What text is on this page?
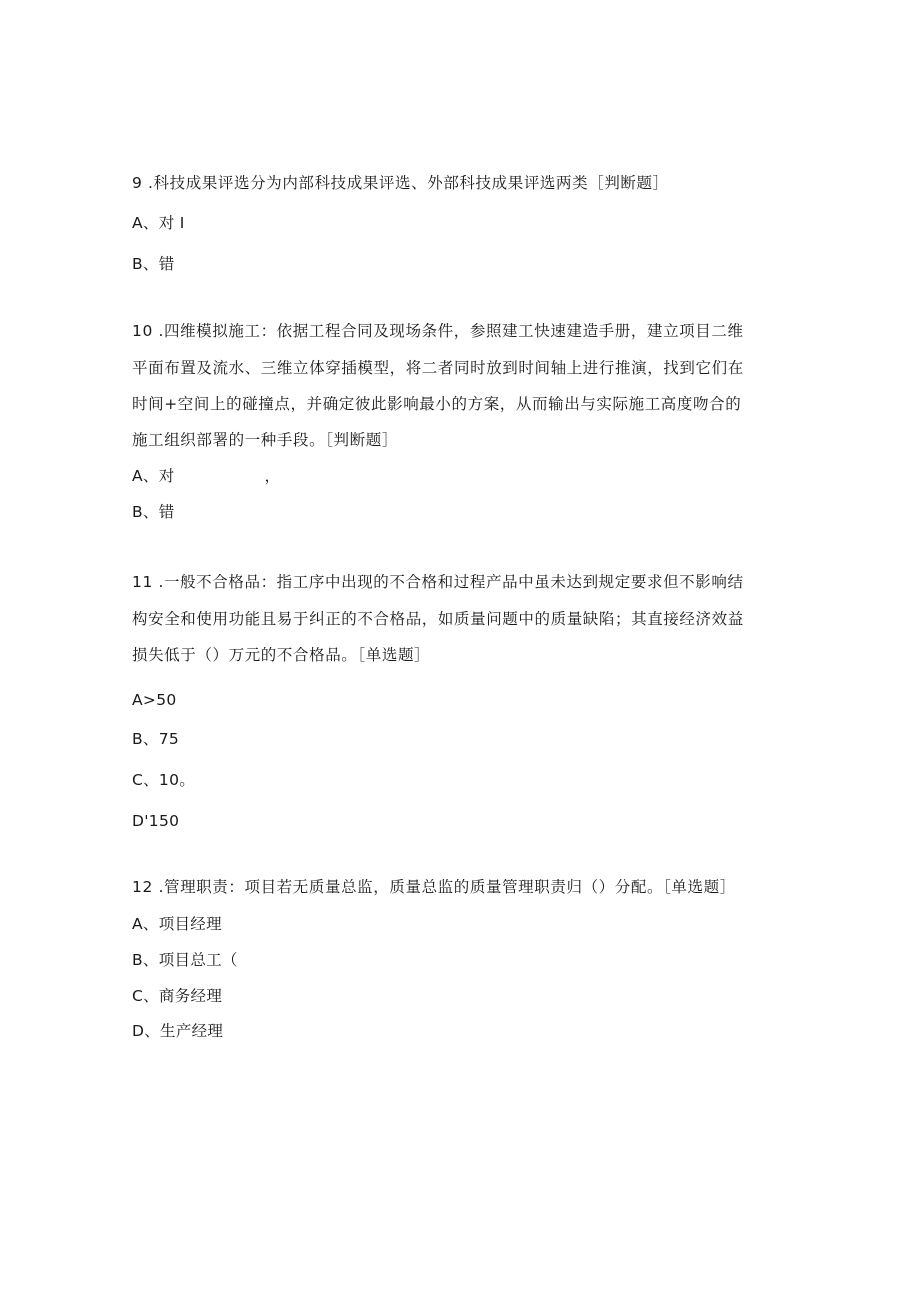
9 .科技成果评选分为内部科技成果评选、外部科技成果评选两类［判断题］
A、对 I
B、错
10 .四维模拟施工：依据工程合同及现场条件，参照建工快速建造手册，建立项目二维
平面布置及流水、三维立体穿插模型，将二者同时放到时间轴上进行推演，找到它们在
时间+空间上的碰撞点，并确定彼此影响最小的方案，从而输出与实际施工高度吻合的
施工组织部署的一种手段。［判断题］
A、对	，
B、错
11 .一般不合格品：指工序中出现的不合格和过程产品中虽未达到规定要求但不影响结
构安全和使用功能且易于纠正的不合格品，如质量问题中的质量缺陷；其直接经济效益
损失低于（）万元的不合格品。［单选题］
A>50
B、75
C、10。
D'150
12 .管理职责：项目若无质量总监，质量总监的质量管理职责归（）分配。［单选题］
A、项目经理
B、项目总工（
C、商务经理
D、生产经理
